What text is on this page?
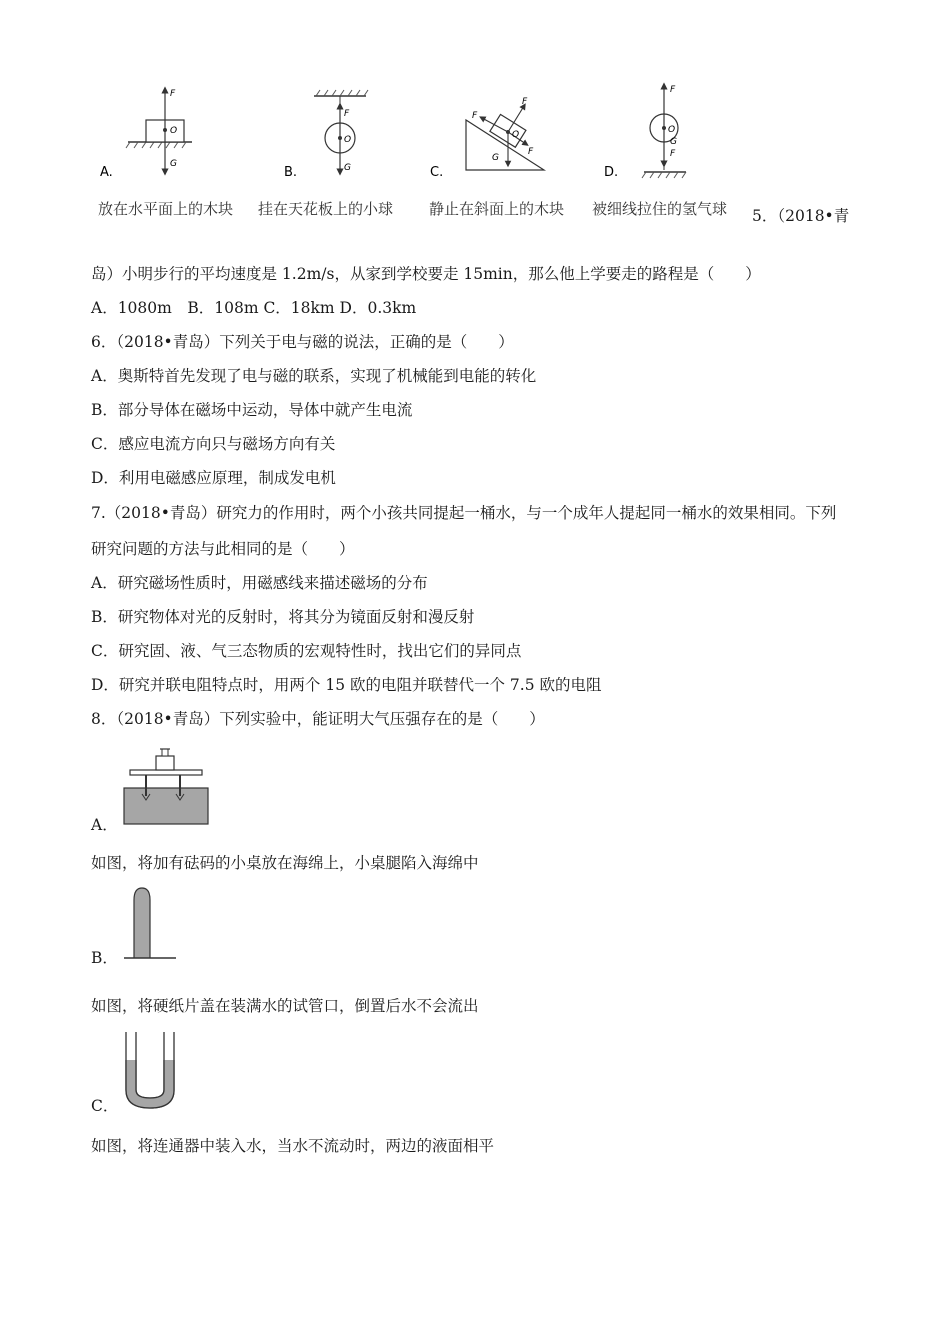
F
O
G
A.
F
O
G
B.
F
F
O
G
F
C.
F
O
G
F
D.
放在水平面上的木块 挂在天花板上的小球 静止在斜面上的木块 被细线拉住的氢气球 5．（2018•青
岛）小明步行的平均速度是 1.2m/s，从家到学校要走 15min，那么他上学要走的路程是（　　）
A．1080m　B．108m C．18km D．0.3km
6．（2018•青岛）下列关于电与磁的说法，正确的是（　　）
A．奥斯特首先发现了电与磁的联系，实现了机械能到电能的转化
B．部分导体在磁场中运动，导体中就产生电流
C．感应电流方向只与磁场方向有关
D．利用电磁感应原理，制成发电机
7.（2018•青岛）研究力的作用时，两个小孩共同提起一桶水，与一个成年人提起同一桶水的效果相同。下列
研究问题的方法与此相同的是（　　）
A．研究磁场性质时，用磁感线来描述磁场的分布
B．研究物体对光的反射时，将其分为镜面反射和漫反射
C．研究固、液、气三态物质的宏观特性时，找出它们的异同点
D．研究并联电阻特点时，用两个 15 欧的电阻并联替代一个 7.5 欧的电阻
8．（2018•青岛）下列实验中，能证明大气压强存在的是（　　）
A．
如图，将加有砝码的小桌放在海绵上，小桌腿陷入海绵中
B．
如图，将硬纸片盖在装满水的试管口，倒置后水不会流出
C．
如图，将连通器中装入水，当水不流动时，两边的液面相平
